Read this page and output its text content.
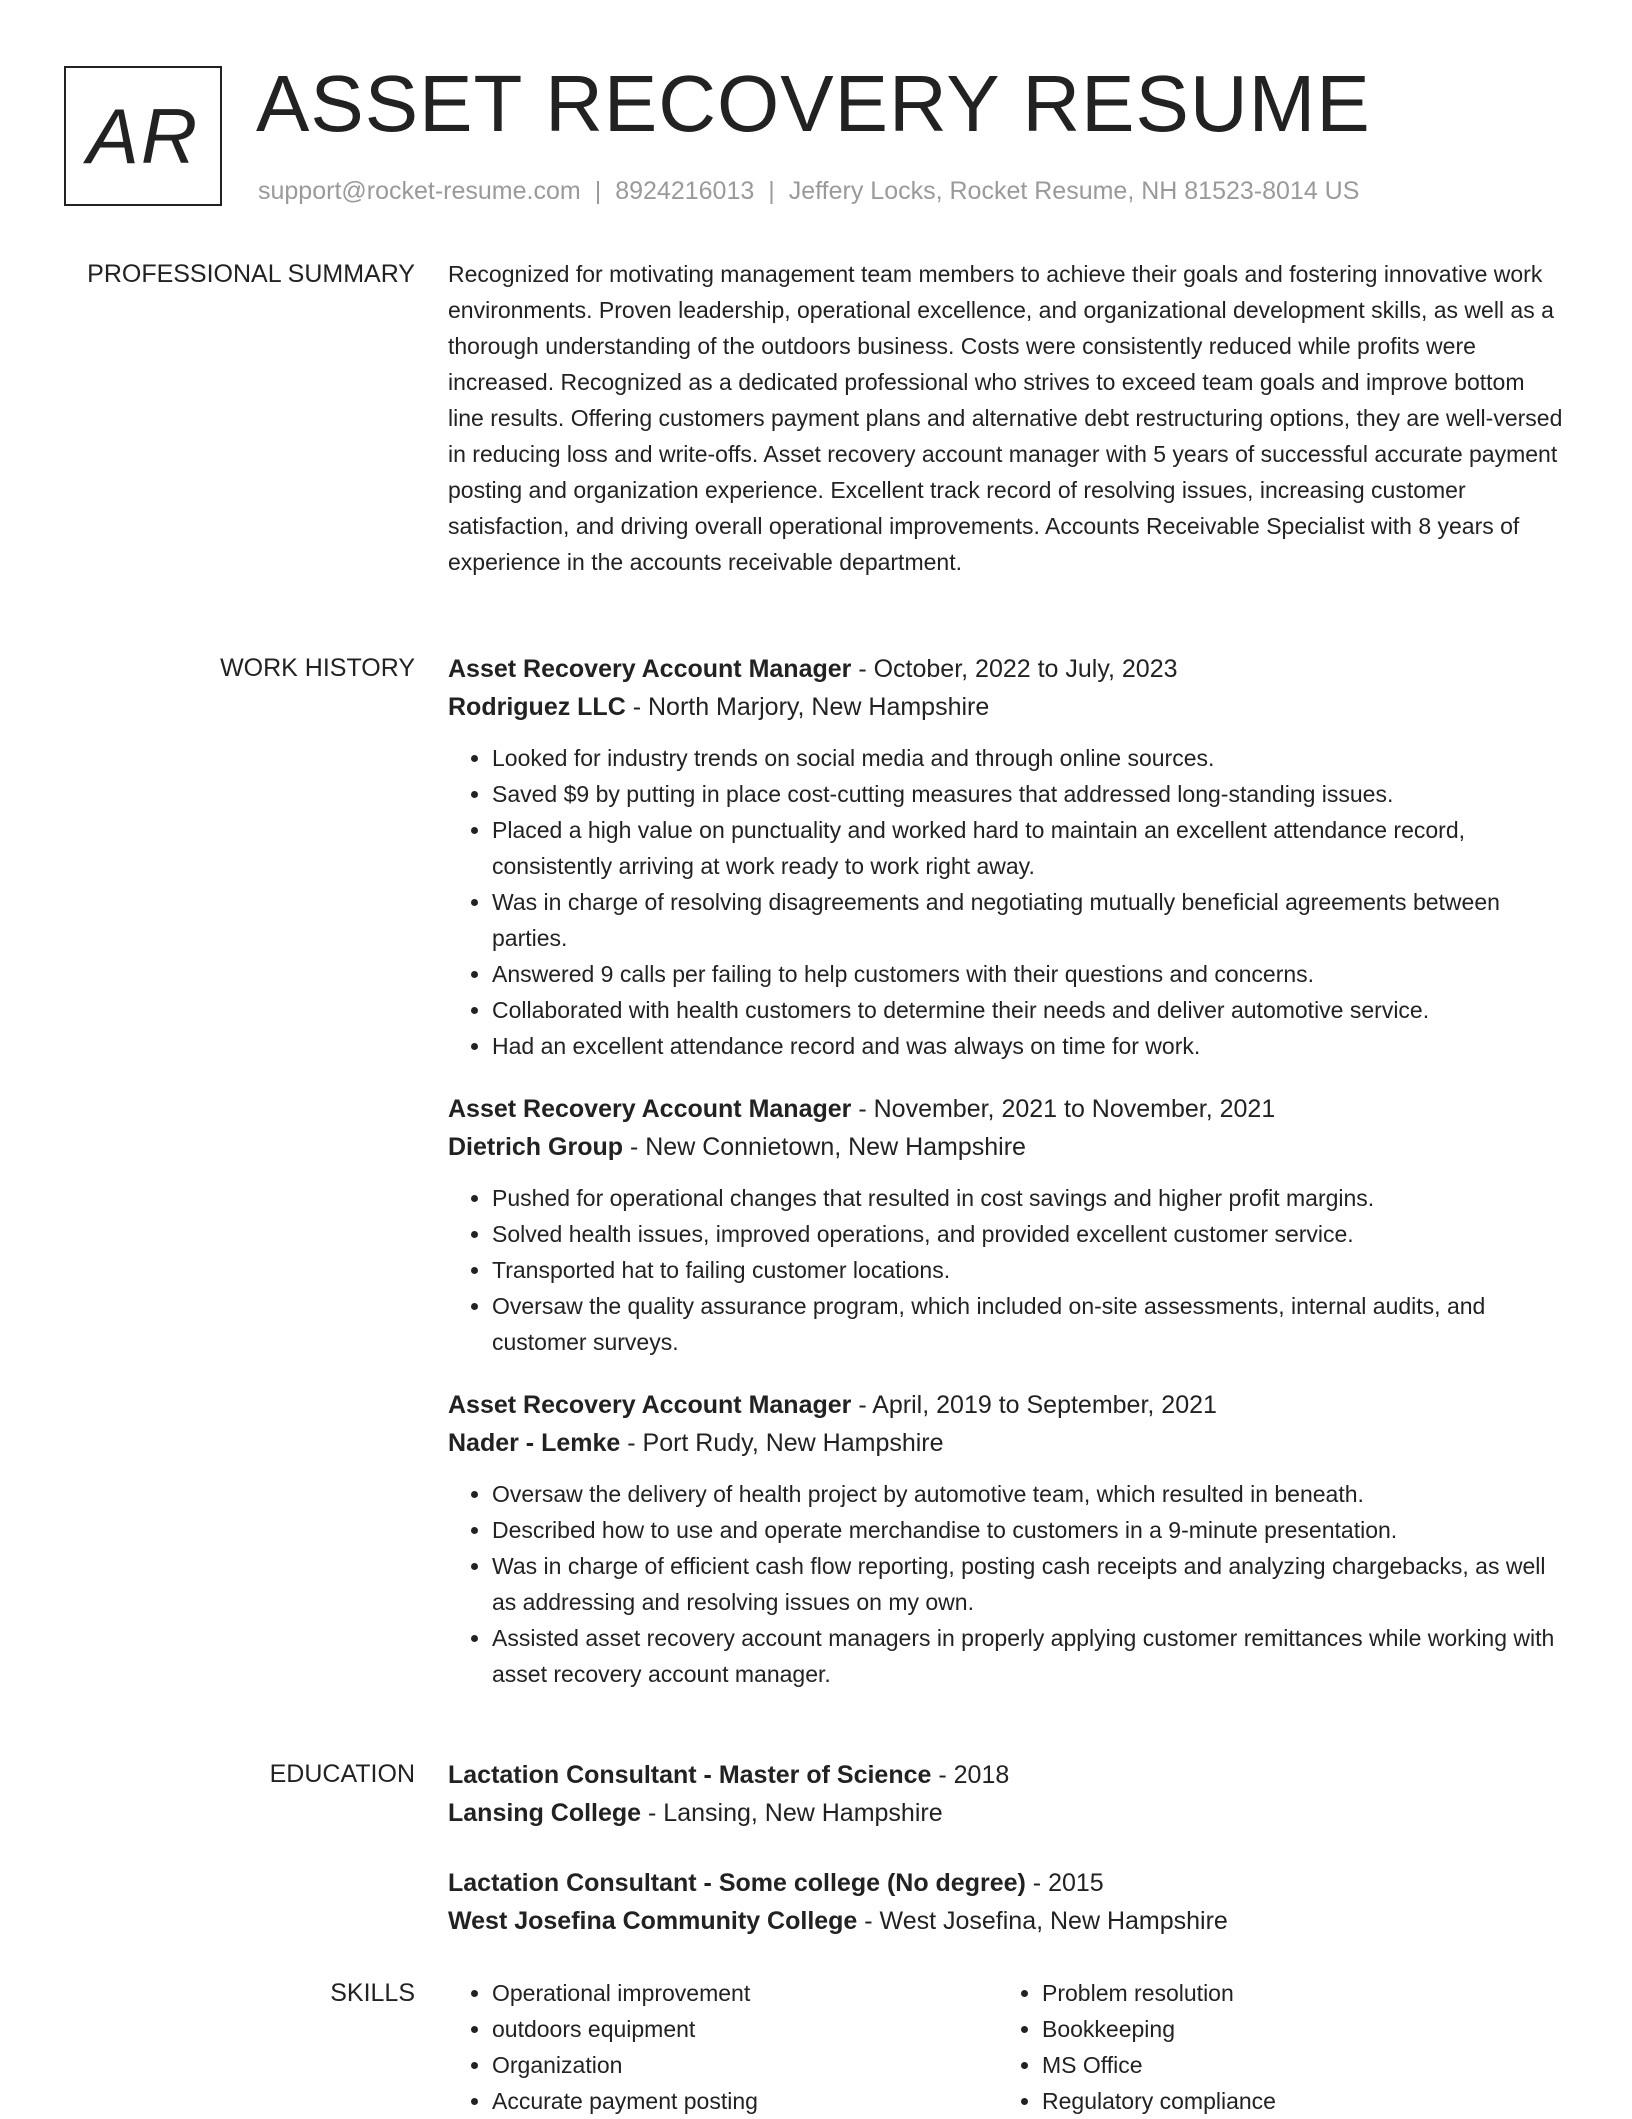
AR ASSET RECOVERY RESUME
support@rocket-resume.com | 8924216013 | Jeffery Locks, Rocket Resume, NH 81523-8014 US
PROFESSIONAL SUMMARY Recognized for motivating management team members to achieve their goals and fostering innovative work environments. Proven leadership, operational excellence, and organizational development skills, as well as a thorough understanding of the outdoors business. Costs were consistently reduced while profits were increased. Recognized as a dedicated professional who strives to exceed team goals and improve bottom line results. Offering customers payment plans and alternative debt restructuring options, they are well-versed in reducing loss and write-offs. Asset recovery account manager with 5 years of successful accurate payment posting and organization experience. Excellent track record of resolving issues, increasing customer satisfaction, and driving overall operational improvements. Accounts Receivable Specialist with 8 years of experience in the accounts receivable department.

WORK HISTORY Asset Recovery Account Manager - October, 2022 to July, 2023
Rodriguez LLC - North Marjory, New Hampshire
• Looked for industry trends on social media and through online sources.
• Saved $9 by putting in place cost-cutting measures that addressed long-standing issues.
• Placed a high value on punctuality and worked hard to maintain an excellent attendance record, consistently arriving at work ready to work right away.
• Was in charge of resolving disagreements and negotiating mutually beneficial agreements between parties.
• Answered 9 calls per failing to help customers with their questions and concerns.
• Collaborated with health customers to determine their needs and deliver automotive service.
• Had an excellent attendance record and was always on time for work.
Asset Recovery Account Manager - November, 2021 to November, 2021
Dietrich Group - New Connietown, New Hampshire
• Pushed for operational changes that resulted in cost savings and higher profit margins.
• Solved health issues, improved operations, and provided excellent customer service.
• Transported hat to failing customer locations.
• Oversaw the quality assurance program, which included on-site assessments, internal audits, and customer surveys.
Asset Recovery Account Manager - April, 2019 to September, 2021
Nader - Lemke - Port Rudy, New Hampshire
• Oversaw the delivery of health project by automotive team, which resulted in beneath.
• Described how to use and operate merchandise to customers in a 9-minute presentation.
• Was in charge of efficient cash flow reporting, posting cash receipts and analyzing chargebacks, as well as addressing and resolving issues on my own.
• Assisted asset recovery account managers in properly applying customer remittances while working with asset recovery account manager.
EDUCATION Lactation Consultant - Master of Science - 2018
Lansing College - Lansing, New Hampshire
Lactation Consultant - Some college (No degree) - 2015
West Josefina Community College - West Josefina, New Hampshire
SKILLS
•	Operational improvement
• outdoors equipment
• Organization
• Accurate payment posting
• Problem resolution
• Bookkeeping
• MS Office
• Regulatory compliance
